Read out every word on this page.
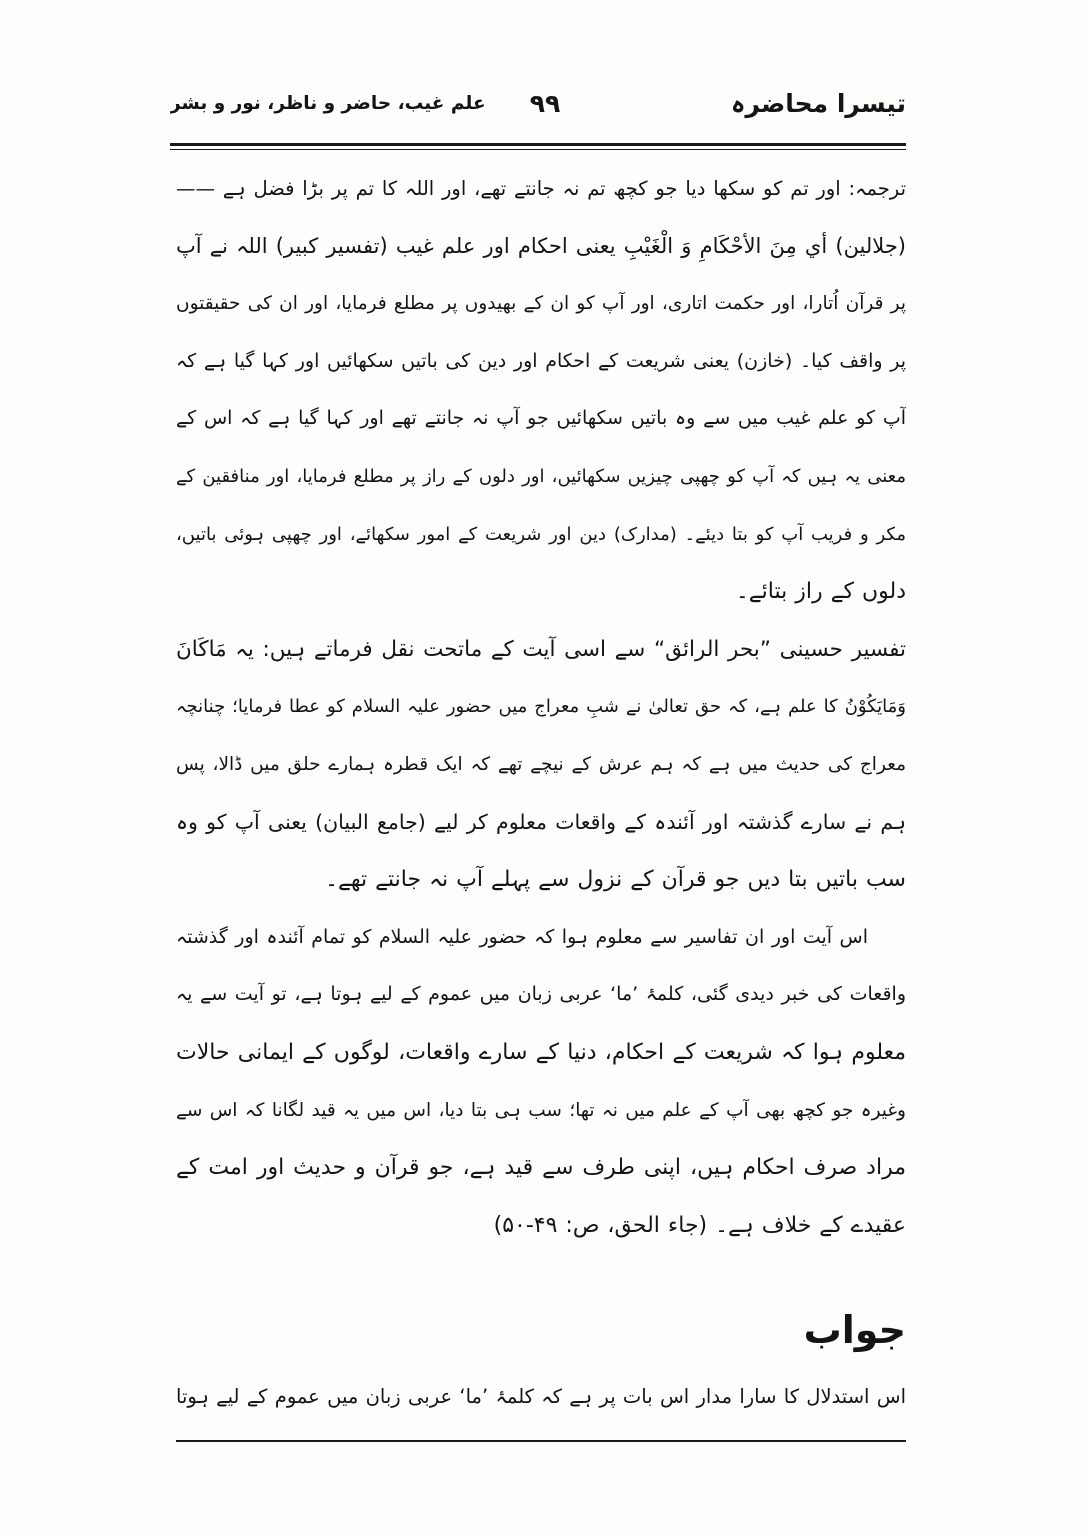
تیسرا محاضرہ
۹۹
علم غیب، حاضر و ناظر، نور و بشر
ترجمہ: اور تم کو سکھا دیا جو کچھ تم نہ جانتے تھے، اور اللہ کا تم پر بڑا فضل ہے ——
(جلالین) أي مِنَ الأحْكَامِ وَ الْغَيْبِ یعنی احکام اور علم غیب (تفسیر کبیر) اللہ نے آپ
پر قرآن اُتارا، اور حکمت اتاری، اور آپ کو ان کے بھیدوں پر مطلع فرمایا، اور ان کی حقیقتوں
پر واقف کیا۔ (خازن) یعنی شریعت کے احکام اور دین کی باتیں سکھائیں اور کہا گیا ہے کہ
آپ کو علم غیب میں سے وہ باتیں سکھائیں جو آپ نہ جانتے تھے اور کہا گیا ہے کہ اس کے
معنی یہ ہیں کہ آپ کو چھپی چیزیں سکھائیں، اور دلوں کے راز پر مطلع فرمایا، اور منافقین کے
مکر و فریب آپ کو بتا دیئے۔ (مدارک) دین اور شریعت کے امور سکھائے، اور چھپی ہوئی باتیں،
دلوں کے راز بتائے۔
تفسیر حسینی ”بحر الرائق“ سے اسی آیت کے ماتحت نقل فرماتے ہیں: یہ مَاکَانَ
وَمَایَکُوْنُ کا علم ہے، کہ حق تعالیٰ نے شبِ معراج میں حضور علیہ السلام کو عطا فرمایا؛ چنانچہ
معراج کی حدیث میں ہے کہ ہم عرش کے نیچے تھے کہ ایک قطرہ ہمارے حلق میں ڈالا، پس
ہم نے سارے گذشتہ اور آئندہ کے واقعات معلوم کر لیے (جامع البیان) یعنی آپ کو وہ
سب باتیں بتا دیں جو قرآن کے نزول سے پہلے آپ نہ جانتے تھے۔
اس آیت اور ان تفاسیر سے معلوم ہوا کہ حضور علیہ السلام کو تمام آئندہ اور گذشتہ
واقعات کی خبر دیدی گئی، کلمۂ ’ما‘ عربی زبان میں عموم کے لیے ہوتا ہے، تو آیت سے یہ
معلوم ہوا کہ شریعت کے احکام، دنیا کے سارے واقعات، لوگوں کے ایمانی حالات
وغیرہ جو کچھ بھی آپ کے علم میں نہ تھا؛ سب ہی بتا دیا، اس میں یہ قید لگانا کہ اس سے
مراد صرف احکام ہیں، اپنی طرف سے قید ہے، جو قرآن و حدیث اور امت کے
عقیدے کے خلاف ہے۔ (جاء الحق، ص: ۴۹-۵۰)
جواب
اس استدلال کا سارا مدار اس بات پر ہے کہ کلمۂ ’ما‘ عربی زبان میں عموم کے لیے ہوتا
